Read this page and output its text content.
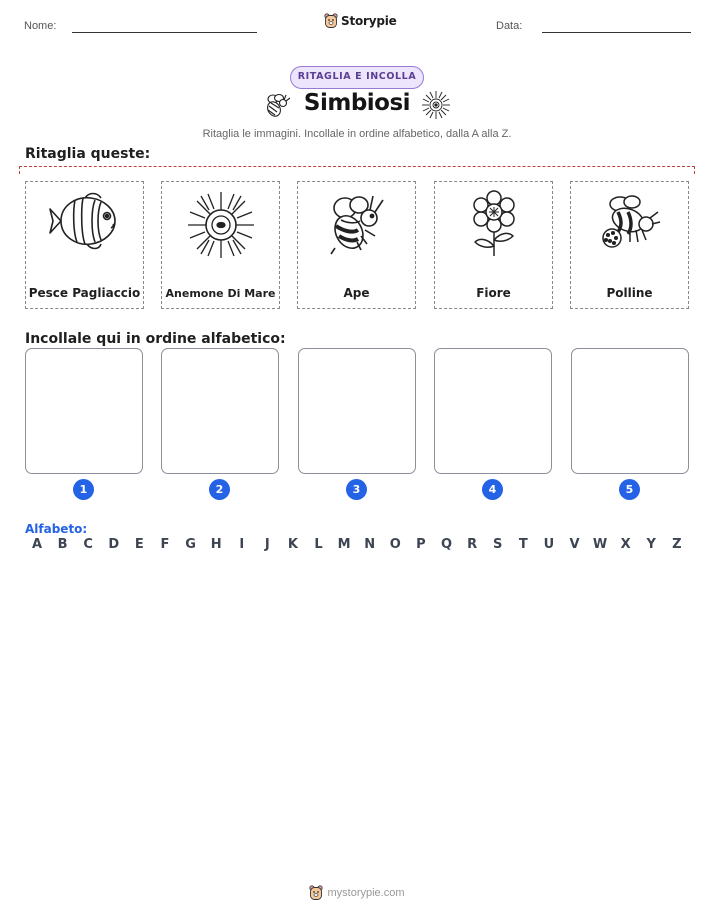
Nome:	Storypie	Data:
RITAGLIA E INCOLLA
Simbiosi
Ritaglia le immagini. Incollale in ordine alfabetico, dalla A alla Z.
Ritaglia queste:
Pesce Pagliaccio	Anemone Di Mare	Ape	Fiore	Polline
Incollale qui in ordine alfabetico:
1	2	3	4	5
Alfabeto:
A	B	C	D	E	F	G	H	I	J	K	L	M	N	O	P	Q	R	S	T	U	V	W	X	Y	Z
mystorypie.com
